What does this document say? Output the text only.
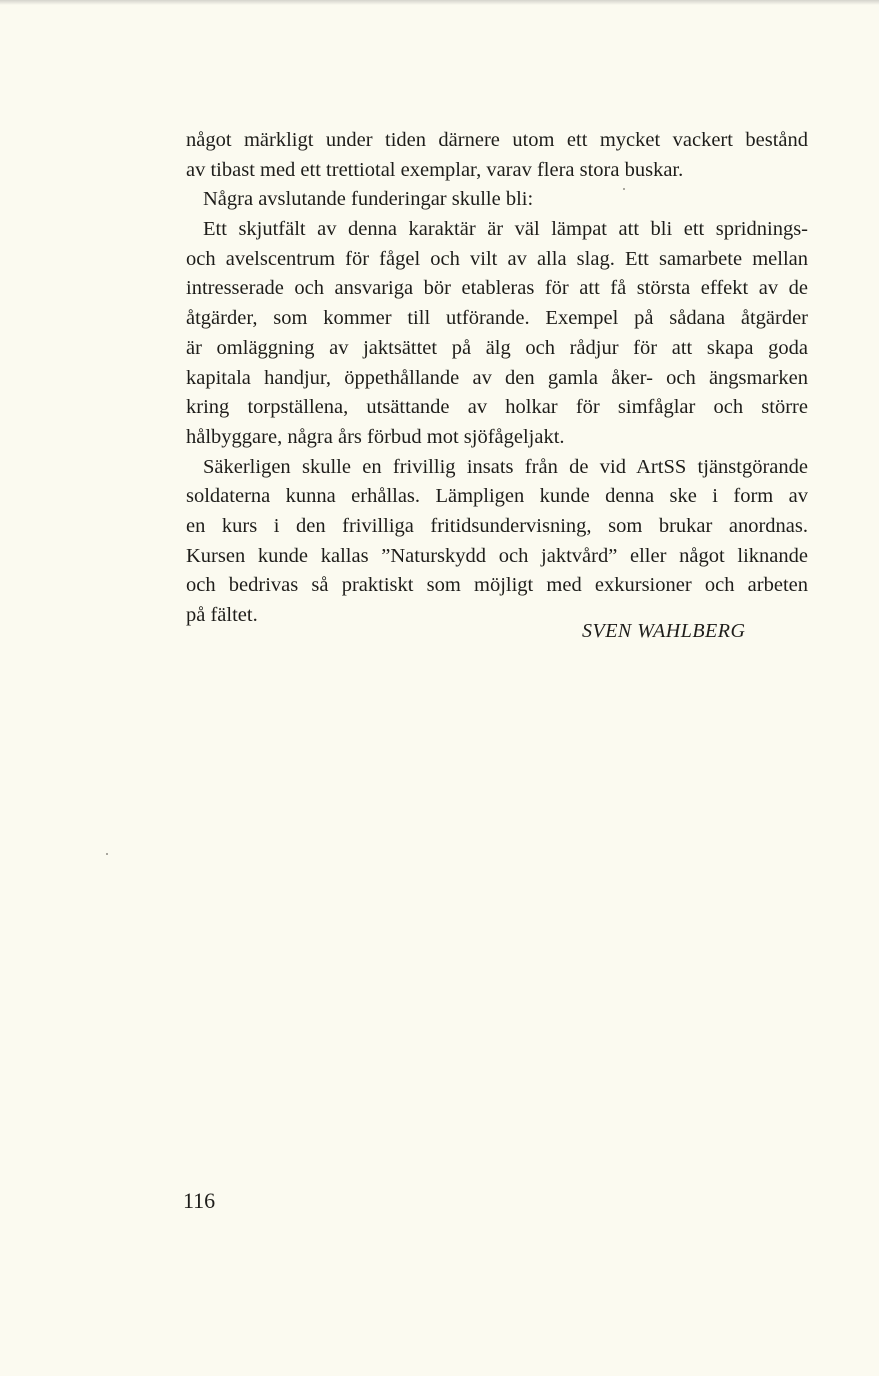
något märkligt under tiden därnere utom ett mycket vackert bestånd
av tibast med ett trettiotal exemplar, varav flera stora buskar.
Några avslutande funderingar skulle bli:
Ett skjutfält av denna karaktär är väl lämpat att bli ett spridnings-
och avelscentrum för fågel och vilt av alla slag. Ett samarbete mellan
intresserade och ansvariga bör etableras för att få största effekt av de
åtgärder, som kommer till utförande. Exempel på sådana åtgärder
är omläggning av jaktsättet på älg och rådjur för att skapa goda
kapitala handjur, öppethållande av den gamla åker- och ängsmarken
kring torpställena, utsättande av holkar för simfåglar och större
hålbyggare, några års förbud mot sjöfågeljakt.
Säkerligen skulle en frivillig insats från de vid ArtSS tjänstgörande
soldaterna kunna erhållas. Lämpligen kunde denna ske i form av
en kurs i den frivilliga fritidsundervisning, som brukar anordnas.
Kursen kunde kallas ”Naturskydd och jaktvård” eller något liknande
och bedrivas så praktiskt som möjligt med exkursioner och arbeten
på fältet.
SVEN WAHLBERG
116
